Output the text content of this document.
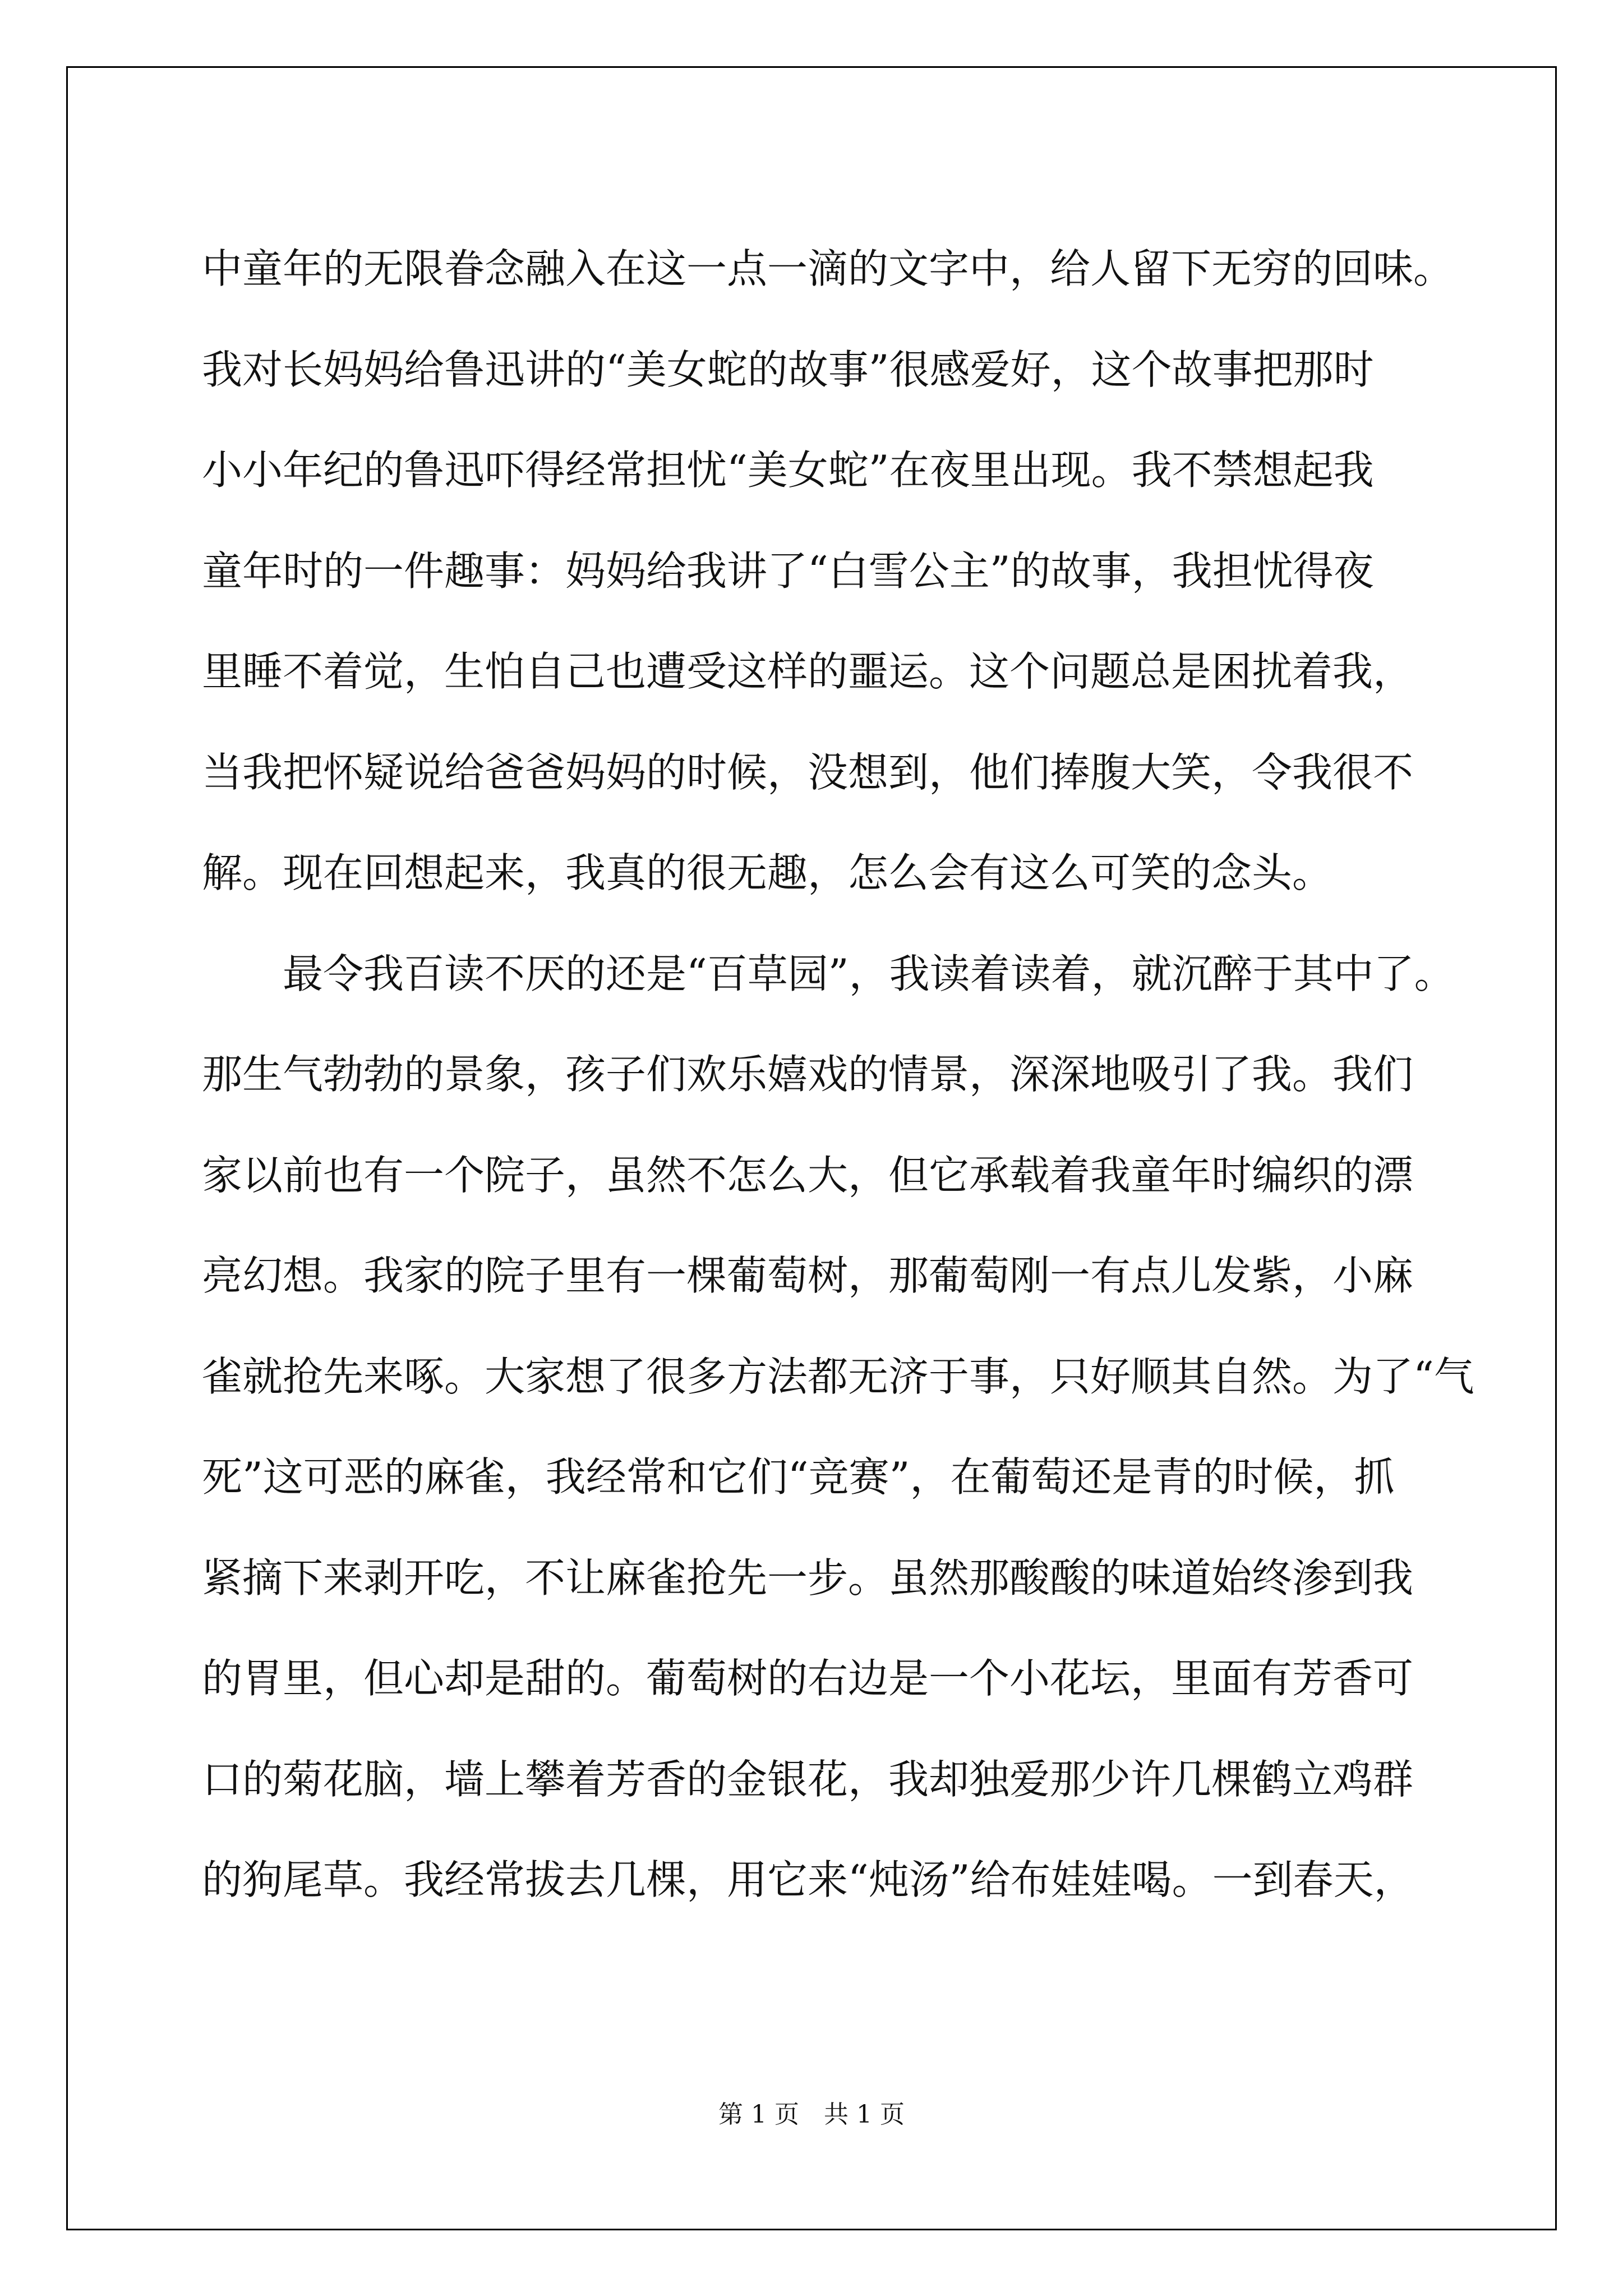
中童年的无限眷念融入在这一点一滴的文字中，给人留下无穷的回味。
我对长妈妈给鲁迅讲的“美女蛇的故事”很感爱好，这个故事把那时
小小年纪的鲁迅吓得经常担忧“美女蛇”在夜里出现。我不禁想起我
童年时的一件趣事：妈妈给我讲了“白雪公主”的故事，我担忧得夜
里睡不着觉，生怕自己也遭受这样的噩运。这个问题总是困扰着我，
当我把怀疑说给爸爸妈妈的时候，没想到，他们捧腹大笑，令我很不
解。现在回想起来，我真的很无趣，怎么会有这么可笑的念头。
　　最令我百读不厌的还是“百草园”，我读着读着，就沉醉于其中了。
那生气勃勃的景象，孩子们欢乐嬉戏的情景，深深地吸引了我。我们
家以前也有一个院子，虽然不怎么大，但它承载着我童年时编织的漂
亮幻想。我家的院子里有一棵葡萄树，那葡萄刚一有点儿发紫，小麻
雀就抢先来啄。大家想了很多方法都无济于事，只好顺其自然。为了“气
死”这可恶的麻雀，我经常和它们“竞赛”，在葡萄还是青的时候，抓
紧摘下来剥开吃，不让麻雀抢先一步。虽然那酸酸的味道始终渗到我
的胃里，但心却是甜的。葡萄树的右边是一个小花坛，里面有芳香可
口的菊花脑，墙上攀着芳香的金银花，我却独爱那少许几棵鹤立鸡群
的狗尾草。我经常拔去几棵，用它来“炖汤”给布娃娃喝。一到春天，
第 1 页　共 1 页
